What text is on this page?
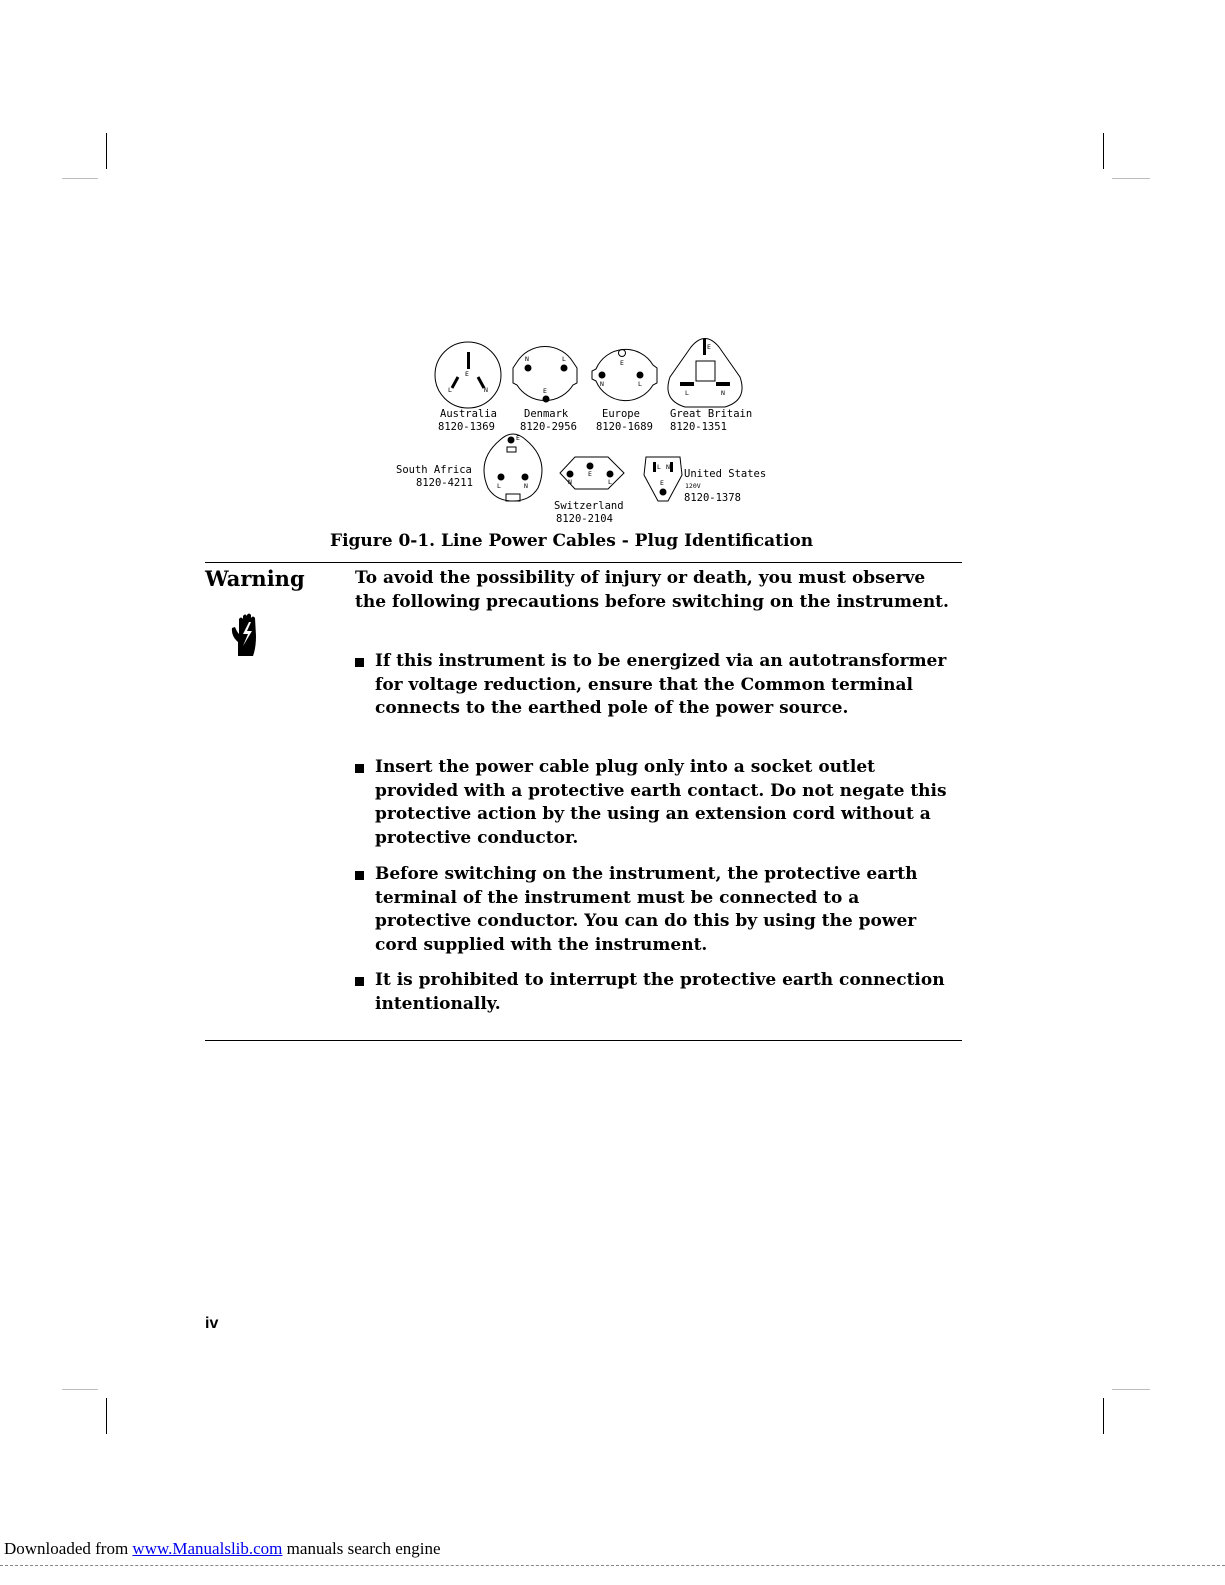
E
L	N
Australia
8120-1369
N	L
E
Denmark
8120-2956
E
N	L
Europe
8120-1689
E
L	N
Great Britain
8120-1351
E
L	N
South Africa
8120-4211	N
E
L
Switzerland
8120-2104
L N
E
United States
120V
8120-1378
Figure 0-1. Line Power Cables - Plug Identification
Warning	To avoid the possibility of injury or death, you must observe the following precautions before switching on the instrument.
If this instrument is to be energized via an autotransformer for voltage reduction, ensure that the Common terminal connects to the earthed pole of the power source.
Insert the power cable plug only into a socket outlet provided with a protective earth contact. Do not negate this protective action by the using an extension cord without a protective conductor.
Before switching on the instrument, the protective earth terminal of the instrument must be connected to a protective conductor. You can do this by using the power cord supplied with the instrument.
It is prohibited to interrupt the protective earth connection intentionally.
iv
Downloaded from www.Manualslib.com manuals search engine
